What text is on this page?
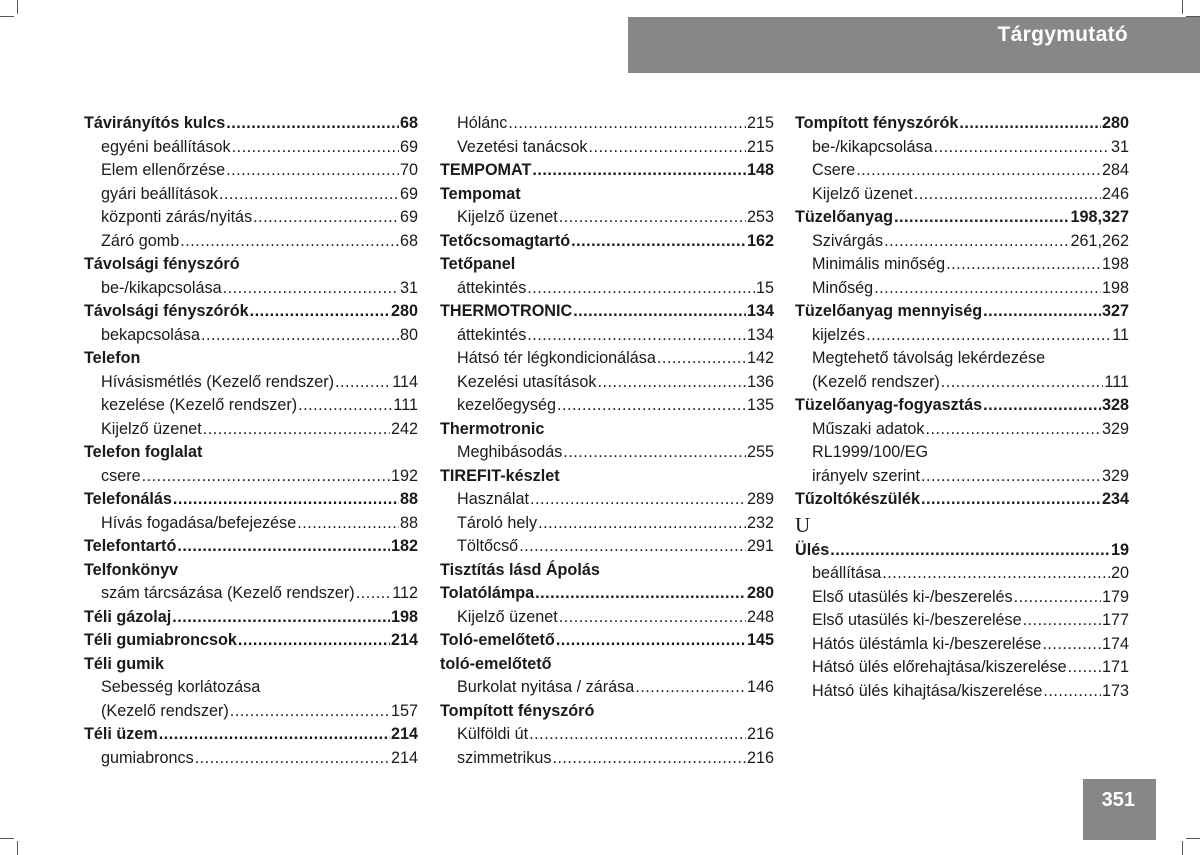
Tárgymutató
Távirányítós kulcs .....	68
egyéni beállítások .....	69
Elem ellenőrzése .....	70
gyári beállítások .....	69
központi zárás/nyitás .....	69
Záró gomb .....	68
Távolsági fényszóró
be-/kikapcsolása .....	31
Távolsági fényszórók .....	280
bekapcsolása .....	80
Telefon
Hívásismétlés (Kezelő rendszer) .....	114
kezelése (Kezelő rendszer) .....	111
Kijelző üzenet .....	242
Telefon foglalat
csere .....	192
Telefonálás .....	88
Hívás fogadása/befejezése .....	88
Telefontartó .....	182
Telfonkönyv
szám tárcsázása (Kezelő rendszer) ..... 112
Téli gázolaj .....	198
Téli gumiabroncsok .....	214
Téli gumik
Sebesség korlátozása
(Kezelő rendszer) .....	157
Téli üzem .....	214
gumiabroncs .....	214
Hólánc .....	215
Vezetési tanácsok .....	215
TEMPOMAT .....	148
Tempomat
Kijelző üzenet .....	253
Tetőcsomagtartó .....	162
Tetőpanel
áttekintés .....	15
THERMOTRONIC .....	134
áttekintés .....	134
Hátsó tér légkondicionálása .....	142
Kezelési utasítások .....	136
kezelőegység .....	135
Thermotronic
Meghibásodás .....	255
TIREFIT-készlet
Használat .....	289
Tároló hely .....	232
Töltőcső .....	291
Tisztítás lásd Ápolás
Tolatólámpa .....	280
Kijelző üzenet .....	248
Toló-emelőtető .....	145
toló-emelőtető
Burkolat nyitása / zárása .....	146
Tompított fényszóró
Külföldi út .....	216
szimmetrikus .....	216
Tompított fényszórók .....	280
be-/kikapcsolása .....	31
Csere .....	284
Kijelző üzenet .....	246
Tüzelőanyag .....	198,327
Szivárgás .....	261,262
Minimális minőség .....	198
Minőség .....	198
Tüzelőanyag mennyiség .....	327
kijelzés .....	11
Megtehető távolság lekérdezése
(Kezelő rendszer) .....	111
Tüzelőanyag-fogyasztás .....	328
Műszaki adatok .....	329
RL1999/100/EG
irányelv szerint .....	329
Tűzoltókészülék .....	234
U
Ülés .....	19
beállítása .....	20
Első utasülés ki-/beszerelés .....	179
Első utasülés ki-/beszerelése .....	177
Hátós üléstámla ki-/beszerelése .....	174
Hátsó ülés előrehajtása/kiszerelése ..... 171
Hátsó ülés kihajtása/kiszerelése .....	173
351
